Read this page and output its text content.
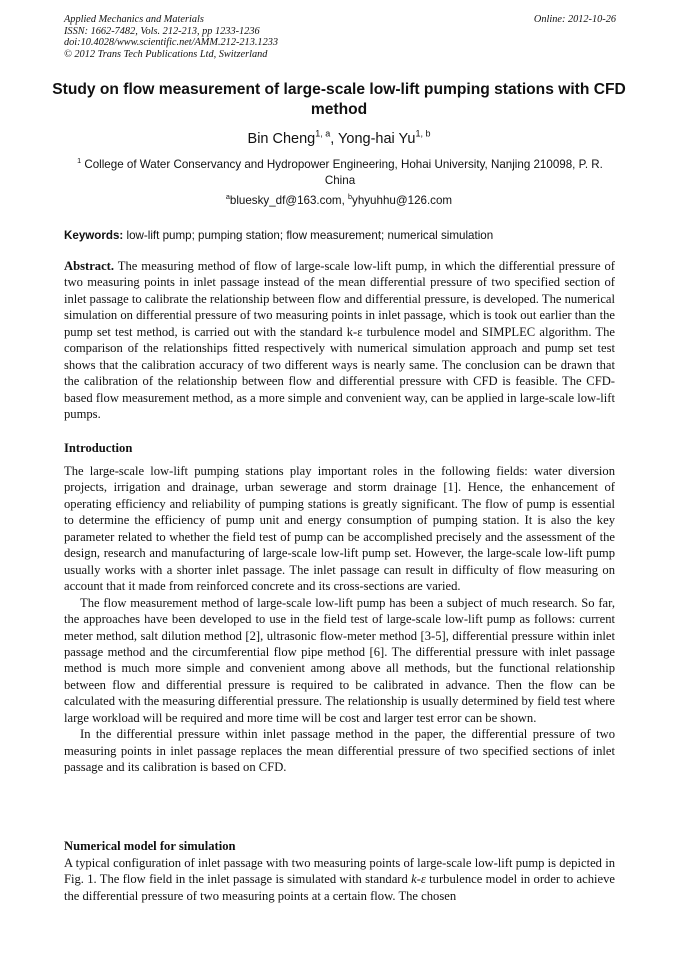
Applied Mechanics and Materials	Online: 2012-10-26
ISSN: 1662-7482, Vols. 212-213, pp 1233-1236
doi:10.4028/www.scientific.net/AMM.212-213.1233
© 2012 Trans Tech Publications Ltd, Switzerland
Study on flow measurement of large-scale low-lift pumping stations with CFD method
Bin Cheng$^{1, a}$, Yong-hai Yu$^{1, b}$
$^1$ College of Water Conservancy and Hydropower Engineering, Hohai University, Nanjing 210098, P. R. China
$^a$bluesky_df@163.com, $^b$yhyuhhu@126.com
Keywords: low-lift pump; pumping station; flow measurement; numerical simulation

Abstract. The measuring method of flow of large-scale low-lift pump, in which the differential pressure of two measuring points in inlet passage instead of the mean differential pressure of two specified section of inlet passage to calibrate the relationship between flow and differential pressure, is developed. The numerical simulation on differential pressure of two measuring points in inlet passage, which is took out earlier than the pump set test method, is carried out with the standard k-ε turbulence model and SIMPLEC algorithm. The comparison of the relationships fitted respectively with numerical simulation approach and pump set test shows that the calibration accuracy of two different ways is nearly same. The conclusion can be drawn that the calibration of the relationship between flow and differential pressure with CFD is feasible. The CFD-based flow measurement method, as a more simple and convenient way, can be applied in large-scale low-lift pumps.

Introduction

The large-scale low-lift pumping stations play important roles in the following fields: water diversion projects, irrigation and drainage, urban sewerage and storm drainage [1]. Hence, the enhancement of operating efficiency and reliability of pumping stations is greatly significant. The flow of pump is essential to determine the efficiency of pump unit and energy consumption of pumping station. It is also the key parameter related to whether the field test of pump can be accomplished precisely and the assessment of the design, research and manufacturing of large-scale low-lift pump set. However, the large-scale low-lift pump usually works with a shorter inlet passage. The inlet passage can result in difficulty of flow measuring on account that it made from reinforced concrete and its cross-sections are varied.

The flow measurement method of large-scale low-lift pump has been a subject of much research. So far, the approaches have been developed to use in the field test of large-scale low-lift pump as follows: current meter method, salt dilution method [2], ultrasonic flow-meter method [3-5], differential pressure within inlet passage method and the circumferential flow pipe method [6]. The differential pressure with inlet passage method is much more simple and convenient among above all methods, but the functional relationship between flow and differential pressure is required to be calibrated in advance. Then the flow can be calculated with the measuring differential pressure. The relationship is usually determined by field test where large workload will be required and more time will be cost and larger test error can be shown.

In the differential pressure within inlet passage method in the paper, the differential pressure of two measuring points in inlet passage replaces the mean differential pressure of two specified sections of inlet passage and its calibration is based on CFD.

Numerical model for simulation

A typical configuration of inlet passage with two measuring points of large-scale low-lift pump is depicted in Fig. 1. The flow field in the inlet passage is simulated with standard k-ε turbulence model in order to achieve the differential pressure of two measuring points at a certain flow. The chosen
